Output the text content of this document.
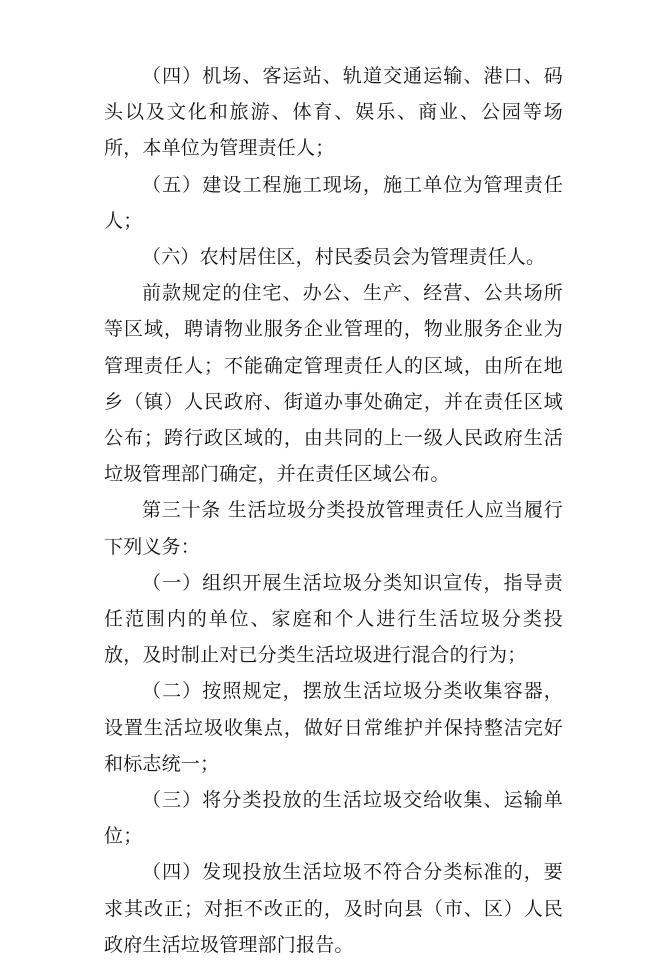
（四）机场、客运站、轨道交通运输、港口、码头以及文化和旅游、体育、娱乐、商业、公园等场所，本单位为管理责任人；

（五）建设工程施工现场，施工单位为管理责任人；

（六）农村居住区，村民委员会为管理责任人。

前款规定的住宅、办公、生产、经营、公共场所等区域，聘请物业服务企业管理的，物业服务企业为管理责任人；不能确定管理责任人的区域，由所在地乡（镇）人民政府、街道办事处确定，并在责任区域公布；跨行政区域的，由共同的上一级人民政府生活垃圾管理部门确定，并在责任区域公布。

第三十条 生活垃圾分类投放管理责任人应当履行下列义务：

（一）组织开展生活垃圾分类知识宣传，指导责任范围内的单位、家庭和个人进行生活垃圾分类投放，及时制止对已分类生活垃圾进行混合的行为；

（二）按照规定，摆放生活垃圾分类收集容器，设置生活垃圾收集点，做好日常维护并保持整洁完好和标志统一；

（三）将分类投放的生活垃圾交给收集、运输单位；

（四）发现投放生活垃圾不符合分类标准的，要求其改正；对拒不改正的，及时向县（市、区）人民政府生活垃圾管理部门报告。
